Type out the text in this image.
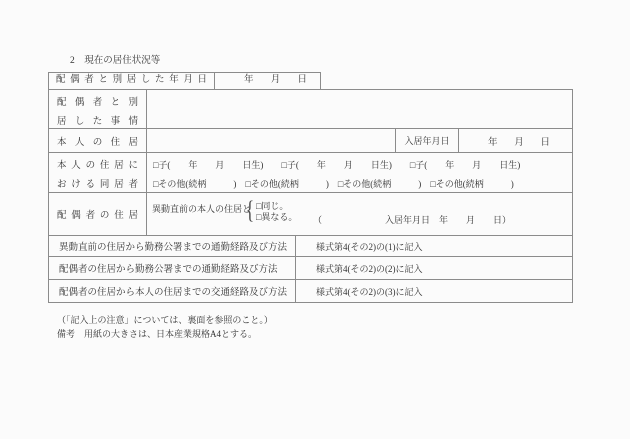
2　現在の居住状況等
配偶者と別居した年月日	年　月　日
配偶者と別
居した事情
本人の住居	入居年月日	年　月　日
本人の住居に
おける同居者
□子(　　年　　月　　日生)　　□子(　　年　　月　　日生)　　□子(　　年　　月　　日生)
□その他(続柄　　　)　□その他(続柄　　　)　□その他(続柄　　　)　□その他(続柄　　　)
配偶者の住居
異動直前の本人の住居と
{ □同じ。
□異なる。 （　　　　　　　入居年月日　年　　月　　日）
異動直前の住居から勤務公署までの通勤経路及び方法	様式第4(その2)の(1)に記入
配偶者の住居から勤務公署までの通勤経路及び方法	様式第4(その2)の(2)に記入
配偶者の住居から本人の住居までの交通経路及び方法	様式第4(その2)の(3)に記入
（「記入上の注意」については、裏面を参照のこと。）
備考　用紙の大きさは、日本産業規格A4とする。
